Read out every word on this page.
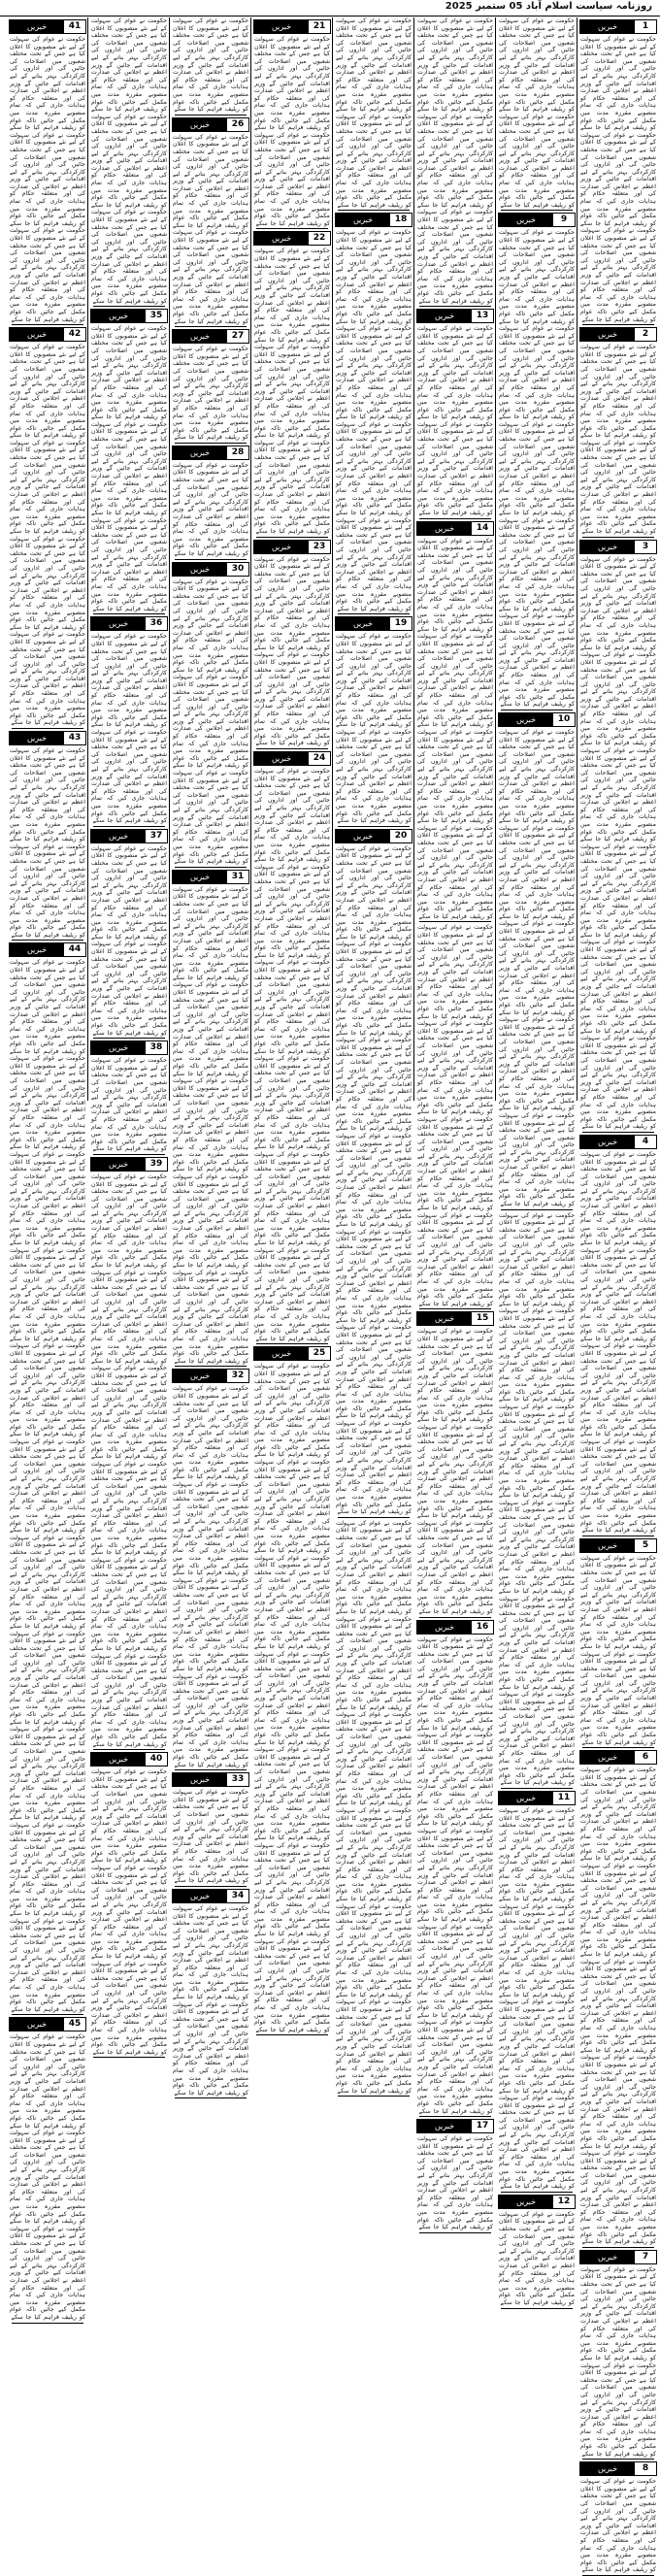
روزنامہ سیاست اسلام آباد 05 ستمبر 2025
1
خبریں
حکومت نے عوام کی سہولت کے لیے نئے منصوبوں کا اعلان کیا ہے جس کے تحت مختلف شعبوں میں اصلاحات کی جائیں گی اور اداروں کی کارکردگی بہتر بنانے کے لیے اقدامات کیے جائیں گے وزیر اعظم نے اجلاس کی صدارت کی اور متعلقہ حکام کو ہدایات جاری کیں کہ تمام منصوبے مقررہ مدت میں مکمل کیے جائیں تاکہ عوام کو ریلیف فراہم کیا جا سکے حکومت نے عوام کی سہولت کے لیے نئے منصوبوں کا اعلان کیا ہے جس کے تحت مختلف شعبوں میں اصلاحات کی جائیں گی اور اداروں کی کارکردگی بہتر بنانے کے لیے اقدامات کیے جائیں گے وزیر اعظم نے اجلاس کی صدارت کی اور متعلقہ حکام کو ہدایات جاری کیں کہ تمام منصوبے مقررہ مدت میں مکمل کیے جائیں تاکہ عوام کو ریلیف فراہم کیا جا سکے حکومت نے عوام کی سہولت کے لیے نئے منصوبوں کا اعلان کیا ہے جس کے تحت مختلف شعبوں میں اصلاحات کی جائیں گی اور اداروں کی کارکردگی بہتر بنانے کے لیے اقدامات کیے جائیں گے وزیر اعظم نے اجلاس کی صدارت کی اور متعلقہ حکام کو ہدایات جاری کیں کہ تمام منصوبے مقررہ مدت میں مکمل کیے جائیں تاکہ عوام کو ریلیف فراہم کیا جا سکے
2
خبریں
حکومت نے عوام کی سہولت کے لیے نئے منصوبوں کا اعلان کیا ہے جس کے تحت مختلف شعبوں میں اصلاحات کی جائیں گی اور اداروں کی کارکردگی بہتر بنانے کے لیے اقدامات کیے جائیں گے وزیر اعظم نے اجلاس کی صدارت کی اور متعلقہ حکام کو ہدایات جاری کیں کہ تمام منصوبے مقررہ مدت میں مکمل کیے جائیں تاکہ عوام کو ریلیف فراہم کیا جا سکے حکومت نے عوام کی سہولت کے لیے نئے منصوبوں کا اعلان کیا ہے جس کے تحت مختلف شعبوں میں اصلاحات کی جائیں گی اور اداروں کی کارکردگی بہتر بنانے کے لیے اقدامات کیے جائیں گے وزیر اعظم نے اجلاس کی صدارت کی اور متعلقہ حکام کو ہدایات جاری کیں کہ تمام منصوبے مقررہ مدت میں مکمل کیے جائیں تاکہ عوام کو ریلیف فراہم کیا جا سکے
3
خبریں
حکومت نے عوام کی سہولت کے لیے نئے منصوبوں کا اعلان کیا ہے جس کے تحت مختلف شعبوں میں اصلاحات کی جائیں گی اور اداروں کی کارکردگی بہتر بنانے کے لیے اقدامات کیے جائیں گے وزیر اعظم نے اجلاس کی صدارت کی اور متعلقہ حکام کو ہدایات جاری کیں کہ تمام منصوبے مقررہ مدت میں مکمل کیے جائیں تاکہ عوام کو ریلیف فراہم کیا جا سکے حکومت نے عوام کی سہولت کے لیے نئے منصوبوں کا اعلان کیا ہے جس کے تحت مختلف شعبوں میں اصلاحات کی جائیں گی اور اداروں کی کارکردگی بہتر بنانے کے لیے اقدامات کیے جائیں گے وزیر اعظم نے اجلاس کی صدارت کی اور متعلقہ حکام کو ہدایات جاری کیں کہ تمام منصوبے مقررہ مدت میں مکمل کیے جائیں تاکہ عوام کو ریلیف فراہم کیا جا سکے حکومت نے عوام کی سہولت کے لیے نئے منصوبوں کا اعلان کیا ہے جس کے تحت مختلف شعبوں میں اصلاحات کی جائیں گی اور اداروں کی کارکردگی بہتر بنانے کے لیے اقدامات کیے جائیں گے وزیر اعظم نے اجلاس کی صدارت کی اور متعلقہ حکام کو ہدایات جاری کیں کہ تمام منصوبے مقررہ مدت میں مکمل کیے جائیں تاکہ عوام کو ریلیف فراہم کیا جا سکے حکومت نے عوام کی سہولت کے لیے نئے منصوبوں کا اعلان کیا ہے جس کے تحت مختلف شعبوں میں اصلاحات کی جائیں گی اور اداروں کی کارکردگی بہتر بنانے کے لیے اقدامات کیے جائیں گے وزیر اعظم نے اجلاس کی صدارت کی اور متعلقہ حکام کو ہدایات جاری کیں کہ تمام منصوبے مقررہ مدت میں مکمل کیے جائیں تاکہ عوام کو ریلیف فراہم کیا جا سکے حکومت نے عوام کی سہولت کے لیے نئے منصوبوں کا اعلان کیا ہے جس کے تحت مختلف شعبوں میں اصلاحات کی جائیں گی اور اداروں کی کارکردگی بہتر بنانے کے لیے اقدامات کیے جائیں گے وزیر اعظم نے اجلاس کی صدارت کی اور متعلقہ حکام کو ہدایات جاری کیں کہ تمام منصوبے مقررہ مدت میں مکمل کیے جائیں تاکہ عوام کو ریلیف فراہم کیا جا سکے حکومت نے عوام کی سہولت کے لیے نئے منصوبوں کا اعلان کیا ہے جس کے تحت مختلف شعبوں میں اصلاحات کی جائیں گی اور اداروں کی کارکردگی بہتر بنانے کے لیے اقدامات کیے جائیں گے وزیر اعظم نے اجلاس کی صدارت کی اور متعلقہ حکام کو ہدایات جاری کیں کہ تمام منصوبے مقررہ مدت میں مکمل کیے جائیں تاکہ عوام کو ریلیف فراہم کیا جا سکے
4
خبریں
حکومت نے عوام کی سہولت کے لیے نئے منصوبوں کا اعلان کیا ہے جس کے تحت مختلف شعبوں میں اصلاحات کی جائیں گی اور اداروں کی کارکردگی بہتر بنانے کے لیے اقدامات کیے جائیں گے وزیر اعظم نے اجلاس کی صدارت کی اور متعلقہ حکام کو ہدایات جاری کیں کہ تمام منصوبے مقررہ مدت میں مکمل کیے جائیں تاکہ عوام کو ریلیف فراہم کیا جا سکے حکومت نے عوام کی سہولت کے لیے نئے منصوبوں کا اعلان کیا ہے جس کے تحت مختلف شعبوں میں اصلاحات کی جائیں گی اور اداروں کی کارکردگی بہتر بنانے کے لیے اقدامات کیے جائیں گے وزیر اعظم نے اجلاس کی صدارت کی اور متعلقہ حکام کو ہدایات جاری کیں کہ تمام منصوبے مقررہ مدت میں مکمل کیے جائیں تاکہ عوام کو ریلیف فراہم کیا جا سکے حکومت نے عوام کی سہولت کے لیے نئے منصوبوں کا اعلان کیا ہے جس کے تحت مختلف شعبوں میں اصلاحات کی جائیں گی اور اداروں کی کارکردگی بہتر بنانے کے لیے اقدامات کیے جائیں گے وزیر اعظم نے اجلاس کی صدارت کی اور متعلقہ حکام کو ہدایات جاری کیں کہ تمام منصوبے مقررہ مدت میں مکمل کیے جائیں تاکہ عوام کو ریلیف فراہم کیا جا سکے حکومت نے عوام کی سہولت کے لیے نئے منصوبوں کا اعلان کیا ہے جس کے تحت مختلف شعبوں میں اصلاحات کی جائیں گی اور اداروں کی کارکردگی بہتر بنانے کے لیے اقدامات کیے جائیں گے وزیر اعظم نے اجلاس کی صدارت کی اور متعلقہ حکام کو ہدایات جاری کیں کہ تمام منصوبے مقررہ مدت میں مکمل کیے جائیں تاکہ عوام کو ریلیف فراہم کیا جا سکے
5
خبریں
حکومت نے عوام کی سہولت کے لیے نئے منصوبوں کا اعلان کیا ہے جس کے تحت مختلف شعبوں میں اصلاحات کی جائیں گی اور اداروں کی کارکردگی بہتر بنانے کے لیے اقدامات کیے جائیں گے وزیر اعظم نے اجلاس کی صدارت کی اور متعلقہ حکام کو ہدایات جاری کیں کہ تمام منصوبے مقررہ مدت میں مکمل کیے جائیں تاکہ عوام کو ریلیف فراہم کیا جا سکے حکومت نے عوام کی سہولت کے لیے نئے منصوبوں کا اعلان کیا ہے جس کے تحت مختلف شعبوں میں اصلاحات کی جائیں گی اور اداروں کی کارکردگی بہتر بنانے کے لیے اقدامات کیے جائیں گے وزیر اعظم نے اجلاس کی صدارت کی اور متعلقہ حکام کو ہدایات جاری کیں کہ تمام منصوبے مقررہ مدت میں مکمل کیے جائیں تاکہ عوام کو ریلیف فراہم کیا جا سکے
6
خبریں
حکومت نے عوام کی سہولت کے لیے نئے منصوبوں کا اعلان کیا ہے جس کے تحت مختلف شعبوں میں اصلاحات کی جائیں گی اور اداروں کی کارکردگی بہتر بنانے کے لیے اقدامات کیے جائیں گے وزیر اعظم نے اجلاس کی صدارت کی اور متعلقہ حکام کو ہدایات جاری کیں کہ تمام منصوبے مقررہ مدت میں مکمل کیے جائیں تاکہ عوام کو ریلیف فراہم کیا جا سکے حکومت نے عوام کی سہولت کے لیے نئے منصوبوں کا اعلان کیا ہے جس کے تحت مختلف شعبوں میں اصلاحات کی جائیں گی اور اداروں کی کارکردگی بہتر بنانے کے لیے اقدامات کیے جائیں گے وزیر اعظم نے اجلاس کی صدارت کی اور متعلقہ حکام کو ہدایات جاری کیں کہ تمام منصوبے مقررہ مدت میں مکمل کیے جائیں تاکہ عوام کو ریلیف فراہم کیا جا سکے حکومت نے عوام کی سہولت کے لیے نئے منصوبوں کا اعلان کیا ہے جس کے تحت مختلف شعبوں میں اصلاحات کی جائیں گی اور اداروں کی کارکردگی بہتر بنانے کے لیے اقدامات کیے جائیں گے وزیر اعظم نے اجلاس کی صدارت کی اور متعلقہ حکام کو ہدایات جاری کیں کہ تمام منصوبے مقررہ مدت میں مکمل کیے جائیں تاکہ عوام کو ریلیف فراہم کیا جا سکے حکومت نے عوام کی سہولت کے لیے نئے منصوبوں کا اعلان کیا ہے جس کے تحت مختلف شعبوں میں اصلاحات کی جائیں گی اور اداروں کی کارکردگی بہتر بنانے کے لیے اقدامات کیے جائیں گے وزیر اعظم نے اجلاس کی صدارت کی اور متعلقہ حکام کو ہدایات جاری کیں کہ تمام منصوبے مقررہ مدت میں مکمل کیے جائیں تاکہ عوام کو ریلیف فراہم کیا جا سکے حکومت نے عوام کی سہولت کے لیے نئے منصوبوں کا اعلان کیا ہے جس کے تحت مختلف شعبوں میں اصلاحات کی جائیں گی اور اداروں کی کارکردگی بہتر بنانے کے لیے اقدامات کیے جائیں گے وزیر اعظم نے اجلاس کی صدارت کی اور متعلقہ حکام کو ہدایات جاری کیں کہ تمام منصوبے مقررہ مدت میں مکمل کیے جائیں تاکہ عوام کو ریلیف فراہم کیا جا سکے
7
خبریں
حکومت نے عوام کی سہولت کے لیے نئے منصوبوں کا اعلان کیا ہے جس کے تحت مختلف شعبوں میں اصلاحات کی جائیں گی اور اداروں کی کارکردگی بہتر بنانے کے لیے اقدامات کیے جائیں گے وزیر اعظم نے اجلاس کی صدارت کی اور متعلقہ حکام کو ہدایات جاری کیں کہ تمام منصوبے مقررہ مدت میں مکمل کیے جائیں تاکہ عوام کو ریلیف فراہم کیا جا سکے حکومت نے عوام کی سہولت کے لیے نئے منصوبوں کا اعلان کیا ہے جس کے تحت مختلف شعبوں میں اصلاحات کی جائیں گی اور اداروں کی کارکردگی بہتر بنانے کے لیے اقدامات کیے جائیں گے وزیر اعظم نے اجلاس کی صدارت کی اور متعلقہ حکام کو ہدایات جاری کیں کہ تمام منصوبے مقررہ مدت میں مکمل کیے جائیں تاکہ عوام کو ریلیف فراہم کیا جا سکے
8
خبریں
حکومت نے عوام کی سہولت کے لیے نئے منصوبوں کا اعلان کیا ہے جس کے تحت مختلف شعبوں میں اصلاحات کی جائیں گی اور اداروں کی کارکردگی بہتر بنانے کے لیے اقدامات کیے جائیں گے وزیر اعظم نے اجلاس کی صدارت کی اور متعلقہ حکام کو ہدایات جاری کیں کہ تمام منصوبے مقررہ مدت میں مکمل کیے جائیں تاکہ عوام کو ریلیف فراہم کیا جا سکے
حکومت نے عوام کی سہولت کے لیے نئے منصوبوں کا اعلان کیا ہے جس کے تحت مختلف شعبوں میں اصلاحات کی جائیں گی اور اداروں کی کارکردگی بہتر بنانے کے لیے اقدامات کیے جائیں گے وزیر اعظم نے اجلاس کی صدارت کی اور متعلقہ حکام کو ہدایات جاری کیں کہ تمام منصوبے مقررہ مدت میں مکمل کیے جائیں تاکہ عوام کو ریلیف فراہم کیا جا سکے حکومت نے عوام کی سہولت کے لیے نئے منصوبوں کا اعلان کیا ہے جس کے تحت مختلف شعبوں میں اصلاحات کی جائیں گی اور اداروں کی کارکردگی بہتر بنانے کے لیے اقدامات کیے جائیں گے وزیر اعظم نے اجلاس کی صدارت کی اور متعلقہ حکام کو ہدایات جاری کیں کہ تمام منصوبے مقررہ مدت میں مکمل کیے جائیں تاکہ عوام کو ریلیف فراہم کیا جا سکے
9
خبریں
حکومت نے عوام کی سہولت کے لیے نئے منصوبوں کا اعلان کیا ہے جس کے تحت مختلف شعبوں میں اصلاحات کی جائیں گی اور اداروں کی کارکردگی بہتر بنانے کے لیے اقدامات کیے جائیں گے وزیر اعظم نے اجلاس کی صدارت کی اور متعلقہ حکام کو ہدایات جاری کیں کہ تمام منصوبے مقررہ مدت میں مکمل کیے جائیں تاکہ عوام کو ریلیف فراہم کیا جا سکے حکومت نے عوام کی سہولت کے لیے نئے منصوبوں کا اعلان کیا ہے جس کے تحت مختلف شعبوں میں اصلاحات کی جائیں گی اور اداروں کی کارکردگی بہتر بنانے کے لیے اقدامات کیے جائیں گے وزیر اعظم نے اجلاس کی صدارت کی اور متعلقہ حکام کو ہدایات جاری کیں کہ تمام منصوبے مقررہ مدت میں مکمل کیے جائیں تاکہ عوام کو ریلیف فراہم کیا جا سکے حکومت نے عوام کی سہولت کے لیے نئے منصوبوں کا اعلان کیا ہے جس کے تحت مختلف شعبوں میں اصلاحات کی جائیں گی اور اداروں کی کارکردگی بہتر بنانے کے لیے اقدامات کیے جائیں گے وزیر اعظم نے اجلاس کی صدارت کی اور متعلقہ حکام کو ہدایات جاری کیں کہ تمام منصوبے مقررہ مدت میں مکمل کیے جائیں تاکہ عوام کو ریلیف فراہم کیا جا سکے حکومت نے عوام کی سہولت کے لیے نئے منصوبوں کا اعلان کیا ہے جس کے تحت مختلف شعبوں میں اصلاحات کی جائیں گی اور اداروں کی کارکردگی بہتر بنانے کے لیے اقدامات کیے جائیں گے وزیر اعظم نے اجلاس کی صدارت کی اور متعلقہ حکام کو ہدایات جاری کیں کہ تمام منصوبے مقررہ مدت میں مکمل کیے جائیں تاکہ عوام کو ریلیف فراہم کیا جا سکے حکومت نے عوام کی سہولت کے لیے نئے منصوبوں کا اعلان کیا ہے جس کے تحت مختلف شعبوں میں اصلاحات کی جائیں گی اور اداروں کی کارکردگی بہتر بنانے کے لیے اقدامات کیے جائیں گے وزیر اعظم نے اجلاس کی صدارت کی اور متعلقہ حکام کو ہدایات جاری کیں کہ تمام منصوبے مقررہ مدت میں مکمل کیے جائیں تاکہ عوام کو ریلیف فراہم کیا جا سکے
10
خبریں
حکومت نے عوام کی سہولت کے لیے نئے منصوبوں کا اعلان کیا ہے جس کے تحت مختلف شعبوں میں اصلاحات کی جائیں گی اور اداروں کی کارکردگی بہتر بنانے کے لیے اقدامات کیے جائیں گے وزیر اعظم نے اجلاس کی صدارت کی اور متعلقہ حکام کو ہدایات جاری کیں کہ تمام منصوبے مقررہ مدت میں مکمل کیے جائیں تاکہ عوام کو ریلیف فراہم کیا جا سکے حکومت نے عوام کی سہولت کے لیے نئے منصوبوں کا اعلان کیا ہے جس کے تحت مختلف شعبوں میں اصلاحات کی جائیں گی اور اداروں کی کارکردگی بہتر بنانے کے لیے اقدامات کیے جائیں گے وزیر اعظم نے اجلاس کی صدارت کی اور متعلقہ حکام کو ہدایات جاری کیں کہ تمام منصوبے مقررہ مدت میں مکمل کیے جائیں تاکہ عوام کو ریلیف فراہم کیا جا سکے حکومت نے عوام کی سہولت کے لیے نئے منصوبوں کا اعلان کیا ہے جس کے تحت مختلف شعبوں میں اصلاحات کی جائیں گی اور اداروں کی کارکردگی بہتر بنانے کے لیے اقدامات کیے جائیں گے وزیر اعظم نے اجلاس کی صدارت کی اور متعلقہ حکام کو ہدایات جاری کیں کہ تمام منصوبے مقررہ مدت میں مکمل کیے جائیں تاکہ عوام کو ریلیف فراہم کیا جا سکے حکومت نے عوام کی سہولت کے لیے نئے منصوبوں کا اعلان کیا ہے جس کے تحت مختلف شعبوں میں اصلاحات کی جائیں گی اور اداروں کی کارکردگی بہتر بنانے کے لیے اقدامات کیے جائیں گے وزیر اعظم نے اجلاس کی صدارت کی اور متعلقہ حکام کو ہدایات جاری کیں کہ تمام منصوبے مقررہ مدت میں مکمل کیے جائیں تاکہ عوام کو ریلیف فراہم کیا جا سکے حکومت نے عوام کی سہولت کے لیے نئے منصوبوں کا اعلان کیا ہے جس کے تحت مختلف شعبوں میں اصلاحات کی جائیں گی اور اداروں کی کارکردگی بہتر بنانے کے لیے اقدامات کیے جائیں گے وزیر اعظم نے اجلاس کی صدارت کی اور متعلقہ حکام کو ہدایات جاری کیں کہ تمام منصوبے مقررہ مدت میں مکمل کیے جائیں تاکہ عوام کو ریلیف فراہم کیا جا سکے
حکومت نے عوام کی سہولت کے لیے نئے منصوبوں کا اعلان کیا ہے جس کے تحت مختلف شعبوں میں اصلاحات کی جائیں گی اور اداروں کی کارکردگی بہتر بنانے کے لیے اقدامات کیے جائیں گے وزیر اعظم نے اجلاس کی صدارت کی اور متعلقہ حکام کو ہدایات جاری کیں کہ تمام منصوبے مقررہ مدت میں مکمل کیے جائیں تاکہ عوام کو ریلیف فراہم کیا جا سکے حکومت نے عوام کی سہولت کے لیے نئے منصوبوں کا اعلان کیا ہے جس کے تحت مختلف شعبوں میں اصلاحات کی جائیں گی اور اداروں کی کارکردگی بہتر بنانے کے لیے اقدامات کیے جائیں گے وزیر اعظم نے اجلاس کی صدارت کی اور متعلقہ حکام کو ہدایات جاری کیں کہ تمام منصوبے مقررہ مدت میں مکمل کیے جائیں تاکہ عوام کو ریلیف فراہم کیا جا سکے حکومت نے عوام کی سہولت کے لیے نئے منصوبوں کا اعلان کیا ہے جس کے تحت مختلف شعبوں میں اصلاحات کی جائیں گی اور اداروں کی کارکردگی بہتر بنانے کے لیے اقدامات کیے جائیں گے وزیر اعظم نے اجلاس کی صدارت کی اور متعلقہ حکام کو ہدایات جاری کیں کہ تمام منصوبے مقررہ مدت میں مکمل کیے جائیں تاکہ عوام کو ریلیف فراہم کیا جا سکے حکومت نے عوام کی سہولت کے لیے نئے منصوبوں کا اعلان کیا ہے جس کے تحت مختلف شعبوں میں اصلاحات کی جائیں گی اور اداروں کی کارکردگی بہتر بنانے کے لیے اقدامات کیے جائیں گے وزیر اعظم نے اجلاس کی صدارت کی اور متعلقہ حکام کو ہدایات جاری کیں کہ تمام منصوبے مقررہ مدت میں مکمل کیے جائیں تاکہ عوام کو ریلیف فراہم کیا جا سکے حکومت نے عوام کی سہولت کے لیے نئے منصوبوں کا اعلان کیا ہے جس کے تحت مختلف شعبوں میں اصلاحات کی جائیں گی اور اداروں کی کارکردگی بہتر بنانے کے لیے اقدامات کیے جائیں گے وزیر اعظم نے اجلاس کی صدارت کی اور متعلقہ حکام کو ہدایات جاری کیں کہ تمام منصوبے مقررہ مدت میں مکمل کیے جائیں تاکہ عوام کو ریلیف فراہم کیا جا سکے حکومت نے عوام کی سہولت کے لیے نئے منصوبوں کا اعلان کیا ہے جس کے تحت مختلف شعبوں میں اصلاحات کی جائیں گی اور اداروں کی کارکردگی بہتر بنانے کے لیے اقدامات کیے جائیں گے وزیر اعظم نے اجلاس کی صدارت کی اور متعلقہ حکام کو ہدایات جاری کیں کہ تمام منصوبے مقررہ مدت میں مکمل کیے جائیں تاکہ عوام کو ریلیف فراہم کیا جا سکے
11
خبریں
حکومت نے عوام کی سہولت کے لیے نئے منصوبوں کا اعلان کیا ہے جس کے تحت مختلف شعبوں میں اصلاحات کی جائیں گی اور اداروں کی کارکردگی بہتر بنانے کے لیے اقدامات کیے جائیں گے وزیر اعظم نے اجلاس کی صدارت کی اور متعلقہ حکام کو ہدایات جاری کیں کہ تمام منصوبے مقررہ مدت میں مکمل کیے جائیں تاکہ عوام کو ریلیف فراہم کیا جا سکے حکومت نے عوام کی سہولت کے لیے نئے منصوبوں کا اعلان کیا ہے جس کے تحت مختلف شعبوں میں اصلاحات کی جائیں گی اور اداروں کی کارکردگی بہتر بنانے کے لیے اقدامات کیے جائیں گے وزیر اعظم نے اجلاس کی صدارت کی اور متعلقہ حکام کو ہدایات جاری کیں کہ تمام منصوبے مقررہ مدت میں مکمل کیے جائیں تاکہ عوام کو ریلیف فراہم کیا جا سکے حکومت نے عوام کی سہولت کے لیے نئے منصوبوں کا اعلان کیا ہے جس کے تحت مختلف شعبوں میں اصلاحات کی جائیں گی اور اداروں کی کارکردگی بہتر بنانے کے لیے اقدامات کیے جائیں گے وزیر اعظم نے اجلاس کی صدارت کی اور متعلقہ حکام کو ہدایات جاری کیں کہ تمام منصوبے مقررہ مدت میں مکمل کیے جائیں تاکہ عوام کو ریلیف فراہم کیا جا سکے حکومت نے عوام کی سہولت کے لیے نئے منصوبوں کا اعلان کیا ہے جس کے تحت مختلف شعبوں میں اصلاحات کی جائیں گی اور اداروں کی کارکردگی بہتر بنانے کے لیے اقدامات کیے جائیں گے وزیر اعظم نے اجلاس کی صدارت کی اور متعلقہ حکام کو ہدایات جاری کیں کہ تمام منصوبے مقررہ مدت میں مکمل کیے جائیں تاکہ عوام کو ریلیف فراہم کیا جا سکے
12
خبریں
حکومت نے عوام کی سہولت کے لیے نئے منصوبوں کا اعلان کیا ہے جس کے تحت مختلف شعبوں میں اصلاحات کی جائیں گی اور اداروں کی کارکردگی بہتر بنانے کے لیے اقدامات کیے جائیں گے وزیر اعظم نے اجلاس کی صدارت کی اور متعلقہ حکام کو ہدایات جاری کیں کہ تمام منصوبے مقررہ مدت میں مکمل کیے جائیں تاکہ عوام کو ریلیف فراہم کیا جا سکے
حکومت نے عوام کی سہولت کے لیے نئے منصوبوں کا اعلان کیا ہے جس کے تحت مختلف شعبوں میں اصلاحات کی جائیں گی اور اداروں کی کارکردگی بہتر بنانے کے لیے اقدامات کیے جائیں گے وزیر اعظم نے اجلاس کی صدارت کی اور متعلقہ حکام کو ہدایات جاری کیں کہ تمام منصوبے مقررہ مدت میں مکمل کیے جائیں تاکہ عوام کو ریلیف فراہم کیا جا سکے حکومت نے عوام کی سہولت کے لیے نئے منصوبوں کا اعلان کیا ہے جس کے تحت مختلف شعبوں میں اصلاحات کی جائیں گی اور اداروں کی کارکردگی بہتر بنانے کے لیے اقدامات کیے جائیں گے وزیر اعظم نے اجلاس کی صدارت کی اور متعلقہ حکام کو ہدایات جاری کیں کہ تمام منصوبے مقررہ مدت میں مکمل کیے جائیں تاکہ عوام کو ریلیف فراہم کیا جا سکے حکومت نے عوام کی سہولت کے لیے نئے منصوبوں کا اعلان کیا ہے جس کے تحت مختلف شعبوں میں اصلاحات کی جائیں گی اور اداروں کی کارکردگی بہتر بنانے کے لیے اقدامات کیے جائیں گے وزیر اعظم نے اجلاس کی صدارت کی اور متعلقہ حکام کو ہدایات جاری کیں کہ تمام منصوبے مقررہ مدت میں مکمل کیے جائیں تاکہ عوام کو ریلیف فراہم کیا جا سکے
13
خبریں
حکومت نے عوام کی سہولت کے لیے نئے منصوبوں کا اعلان کیا ہے جس کے تحت مختلف شعبوں میں اصلاحات کی جائیں گی اور اداروں کی کارکردگی بہتر بنانے کے لیے اقدامات کیے جائیں گے وزیر اعظم نے اجلاس کی صدارت کی اور متعلقہ حکام کو ہدایات جاری کیں کہ تمام منصوبے مقررہ مدت میں مکمل کیے جائیں تاکہ عوام کو ریلیف فراہم کیا جا سکے حکومت نے عوام کی سہولت کے لیے نئے منصوبوں کا اعلان کیا ہے جس کے تحت مختلف شعبوں میں اصلاحات کی جائیں گی اور اداروں کی کارکردگی بہتر بنانے کے لیے اقدامات کیے جائیں گے وزیر اعظم نے اجلاس کی صدارت کی اور متعلقہ حکام کو ہدایات جاری کیں کہ تمام منصوبے مقررہ مدت میں مکمل کیے جائیں تاکہ عوام کو ریلیف فراہم کیا جا سکے
14
خبریں
حکومت نے عوام کی سہولت کے لیے نئے منصوبوں کا اعلان کیا ہے جس کے تحت مختلف شعبوں میں اصلاحات کی جائیں گی اور اداروں کی کارکردگی بہتر بنانے کے لیے اقدامات کیے جائیں گے وزیر اعظم نے اجلاس کی صدارت کی اور متعلقہ حکام کو ہدایات جاری کیں کہ تمام منصوبے مقررہ مدت میں مکمل کیے جائیں تاکہ عوام کو ریلیف فراہم کیا جا سکے حکومت نے عوام کی سہولت کے لیے نئے منصوبوں کا اعلان کیا ہے جس کے تحت مختلف شعبوں میں اصلاحات کی جائیں گی اور اداروں کی کارکردگی بہتر بنانے کے لیے اقدامات کیے جائیں گے وزیر اعظم نے اجلاس کی صدارت کی اور متعلقہ حکام کو ہدایات جاری کیں کہ تمام منصوبے مقررہ مدت میں مکمل کیے جائیں تاکہ عوام کو ریلیف فراہم کیا جا سکے حکومت نے عوام کی سہولت کے لیے نئے منصوبوں کا اعلان کیا ہے جس کے تحت مختلف شعبوں میں اصلاحات کی جائیں گی اور اداروں کی کارکردگی بہتر بنانے کے لیے اقدامات کیے جائیں گے وزیر اعظم نے اجلاس کی صدارت کی اور متعلقہ حکام کو ہدایات جاری کیں کہ تمام منصوبے مقررہ مدت میں مکمل کیے جائیں تاکہ عوام کو ریلیف فراہم کیا جا سکے حکومت نے عوام کی سہولت کے لیے نئے منصوبوں کا اعلان کیا ہے جس کے تحت مختلف شعبوں میں اصلاحات کی جائیں گی اور اداروں کی کارکردگی بہتر بنانے کے لیے اقدامات کیے جائیں گے وزیر اعظم نے اجلاس کی صدارت کی اور متعلقہ حکام کو ہدایات جاری کیں کہ تمام منصوبے مقررہ مدت میں مکمل کیے جائیں تاکہ عوام کو ریلیف فراہم کیا جا سکے
حکومت نے عوام کی سہولت کے لیے نئے منصوبوں کا اعلان کیا ہے جس کے تحت مختلف شعبوں میں اصلاحات کی جائیں گی اور اداروں کی کارکردگی بہتر بنانے کے لیے اقدامات کیے جائیں گے وزیر اعظم نے اجلاس کی صدارت کی اور متعلقہ حکام کو ہدایات جاری کیں کہ تمام منصوبے مقررہ مدت میں مکمل کیے جائیں تاکہ عوام کو ریلیف فراہم کیا جا سکے حکومت نے عوام کی سہولت کے لیے نئے منصوبوں کا اعلان کیا ہے جس کے تحت مختلف شعبوں میں اصلاحات کی جائیں گی اور اداروں کی کارکردگی بہتر بنانے کے لیے اقدامات کیے جائیں گے وزیر اعظم نے اجلاس کی صدارت کی اور متعلقہ حکام کو ہدایات جاری کیں کہ تمام منصوبے مقررہ مدت میں مکمل کیے جائیں تاکہ عوام کو ریلیف فراہم کیا جا سکے حکومت نے عوام کی سہولت کے لیے نئے منصوبوں کا اعلان کیا ہے جس کے تحت مختلف شعبوں میں اصلاحات کی جائیں گی اور اداروں کی کارکردگی بہتر بنانے کے لیے اقدامات کیے جائیں گے وزیر اعظم نے اجلاس کی صدارت کی اور متعلقہ حکام کو ہدایات جاری کیں کہ تمام منصوبے مقررہ مدت میں مکمل کیے جائیں تاکہ عوام کو ریلیف فراہم کیا جا سکے حکومت نے عوام کی سہولت کے لیے نئے منصوبوں کا اعلان کیا ہے جس کے تحت مختلف شعبوں میں اصلاحات کی جائیں گی اور اداروں کی کارکردگی بہتر بنانے کے لیے اقدامات کیے جائیں گے وزیر اعظم نے اجلاس کی صدارت کی اور متعلقہ حکام کو ہدایات جاری کیں کہ تمام منصوبے مقررہ مدت میں مکمل کیے جائیں تاکہ عوام کو ریلیف فراہم کیا جا سکے
15
خبریں
حکومت نے عوام کی سہولت کے لیے نئے منصوبوں کا اعلان کیا ہے جس کے تحت مختلف شعبوں میں اصلاحات کی جائیں گی اور اداروں کی کارکردگی بہتر بنانے کے لیے اقدامات کیے جائیں گے وزیر اعظم نے اجلاس کی صدارت کی اور متعلقہ حکام کو ہدایات جاری کیں کہ تمام منصوبے مقررہ مدت میں مکمل کیے جائیں تاکہ عوام کو ریلیف فراہم کیا جا سکے حکومت نے عوام کی سہولت کے لیے نئے منصوبوں کا اعلان کیا ہے جس کے تحت مختلف شعبوں میں اصلاحات کی جائیں گی اور اداروں کی کارکردگی بہتر بنانے کے لیے اقدامات کیے جائیں گے وزیر اعظم نے اجلاس کی صدارت کی اور متعلقہ حکام کو ہدایات جاری کیں کہ تمام منصوبے مقررہ مدت میں مکمل کیے جائیں تاکہ عوام کو ریلیف فراہم کیا جا سکے حکومت نے عوام کی سہولت کے لیے نئے منصوبوں کا اعلان کیا ہے جس کے تحت مختلف شعبوں میں اصلاحات کی جائیں گی اور اداروں کی کارکردگی بہتر بنانے کے لیے اقدامات کیے جائیں گے وزیر اعظم نے اجلاس کی صدارت کی اور متعلقہ حکام کو ہدایات جاری کیں کہ تمام منصوبے مقررہ مدت میں مکمل کیے جائیں تاکہ عوام کو ریلیف فراہم کیا جا سکے
16
خبریں
حکومت نے عوام کی سہولت کے لیے نئے منصوبوں کا اعلان کیا ہے جس کے تحت مختلف شعبوں میں اصلاحات کی جائیں گی اور اداروں کی کارکردگی بہتر بنانے کے لیے اقدامات کیے جائیں گے وزیر اعظم نے اجلاس کی صدارت کی اور متعلقہ حکام کو ہدایات جاری کیں کہ تمام منصوبے مقررہ مدت میں مکمل کیے جائیں تاکہ عوام کو ریلیف فراہم کیا جا سکے حکومت نے عوام کی سہولت کے لیے نئے منصوبوں کا اعلان کیا ہے جس کے تحت مختلف شعبوں میں اصلاحات کی جائیں گی اور اداروں کی کارکردگی بہتر بنانے کے لیے اقدامات کیے جائیں گے وزیر اعظم نے اجلاس کی صدارت کی اور متعلقہ حکام کو ہدایات جاری کیں کہ تمام منصوبے مقررہ مدت میں مکمل کیے جائیں تاکہ عوام کو ریلیف فراہم کیا جا سکے حکومت نے عوام کی سہولت کے لیے نئے منصوبوں کا اعلان کیا ہے جس کے تحت مختلف شعبوں میں اصلاحات کی جائیں گی اور اداروں کی کارکردگی بہتر بنانے کے لیے اقدامات کیے جائیں گے وزیر اعظم نے اجلاس کی صدارت کی اور متعلقہ حکام کو ہدایات جاری کیں کہ تمام منصوبے مقررہ مدت میں مکمل کیے جائیں تاکہ عوام کو ریلیف فراہم کیا جا سکے حکومت نے عوام کی سہولت کے لیے نئے منصوبوں کا اعلان کیا ہے جس کے تحت مختلف شعبوں میں اصلاحات کی جائیں گی اور اداروں کی کارکردگی بہتر بنانے کے لیے اقدامات کیے جائیں گے وزیر اعظم نے اجلاس کی صدارت کی اور متعلقہ حکام کو ہدایات جاری کیں کہ تمام منصوبے مقررہ مدت میں مکمل کیے جائیں تاکہ عوام کو ریلیف فراہم کیا جا سکے حکومت نے عوام کی سہولت کے لیے نئے منصوبوں کا اعلان کیا ہے جس کے تحت مختلف شعبوں میں اصلاحات کی جائیں گی اور اداروں کی کارکردگی بہتر بنانے کے لیے اقدامات کیے جائیں گے وزیر اعظم نے اجلاس کی صدارت کی اور متعلقہ حکام کو ہدایات جاری کیں کہ تمام منصوبے مقررہ مدت میں مکمل کیے جائیں تاکہ عوام کو ریلیف فراہم کیا جا سکے
17
خبریں
حکومت نے عوام کی سہولت کے لیے نئے منصوبوں کا اعلان کیا ہے جس کے تحت مختلف شعبوں میں اصلاحات کی جائیں گی اور اداروں کی کارکردگی بہتر بنانے کے لیے اقدامات کیے جائیں گے وزیر اعظم نے اجلاس کی صدارت کی اور متعلقہ حکام کو ہدایات جاری کیں کہ تمام منصوبے مقررہ مدت میں مکمل کیے جائیں تاکہ عوام کو ریلیف فراہم کیا جا سکے
حکومت نے عوام کی سہولت کے لیے نئے منصوبوں کا اعلان کیا ہے جس کے تحت مختلف شعبوں میں اصلاحات کی جائیں گی اور اداروں کی کارکردگی بہتر بنانے کے لیے اقدامات کیے جائیں گے وزیر اعظم نے اجلاس کی صدارت کی اور متعلقہ حکام کو ہدایات جاری کیں کہ تمام منصوبے مقررہ مدت میں مکمل کیے جائیں تاکہ عوام کو ریلیف فراہم کیا جا سکے حکومت نے عوام کی سہولت کے لیے نئے منصوبوں کا اعلان کیا ہے جس کے تحت مختلف شعبوں میں اصلاحات کی جائیں گی اور اداروں کی کارکردگی بہتر بنانے کے لیے اقدامات کیے جائیں گے وزیر اعظم نے اجلاس کی صدارت کی اور متعلقہ حکام کو ہدایات جاری کیں کہ تمام منصوبے مقررہ مدت میں مکمل کیے جائیں تاکہ عوام کو ریلیف فراہم کیا جا سکے
18
خبریں
حکومت نے عوام کی سہولت کے لیے نئے منصوبوں کا اعلان کیا ہے جس کے تحت مختلف شعبوں میں اصلاحات کی جائیں گی اور اداروں کی کارکردگی بہتر بنانے کے لیے اقدامات کیے جائیں گے وزیر اعظم نے اجلاس کی صدارت کی اور متعلقہ حکام کو ہدایات جاری کیں کہ تمام منصوبے مقررہ مدت میں مکمل کیے جائیں تاکہ عوام کو ریلیف فراہم کیا جا سکے حکومت نے عوام کی سہولت کے لیے نئے منصوبوں کا اعلان کیا ہے جس کے تحت مختلف شعبوں میں اصلاحات کی جائیں گی اور اداروں کی کارکردگی بہتر بنانے کے لیے اقدامات کیے جائیں گے وزیر اعظم نے اجلاس کی صدارت کی اور متعلقہ حکام کو ہدایات جاری کیں کہ تمام منصوبے مقررہ مدت میں مکمل کیے جائیں تاکہ عوام کو ریلیف فراہم کیا جا سکے حکومت نے عوام کی سہولت کے لیے نئے منصوبوں کا اعلان کیا ہے جس کے تحت مختلف شعبوں میں اصلاحات کی جائیں گی اور اداروں کی کارکردگی بہتر بنانے کے لیے اقدامات کیے جائیں گے وزیر اعظم نے اجلاس کی صدارت کی اور متعلقہ حکام کو ہدایات جاری کیں کہ تمام منصوبے مقررہ مدت میں مکمل کیے جائیں تاکہ عوام کو ریلیف فراہم کیا جا سکے حکومت نے عوام کی سہولت کے لیے نئے منصوبوں کا اعلان کیا ہے جس کے تحت مختلف شعبوں میں اصلاحات کی جائیں گی اور اداروں کی کارکردگی بہتر بنانے کے لیے اقدامات کیے جائیں گے وزیر اعظم نے اجلاس کی صدارت کی اور متعلقہ حکام کو ہدایات جاری کیں کہ تمام منصوبے مقررہ مدت میں مکمل کیے جائیں تاکہ عوام کو ریلیف فراہم کیا جا سکے
19
خبریں
حکومت نے عوام کی سہولت کے لیے نئے منصوبوں کا اعلان کیا ہے جس کے تحت مختلف شعبوں میں اصلاحات کی جائیں گی اور اداروں کی کارکردگی بہتر بنانے کے لیے اقدامات کیے جائیں گے وزیر اعظم نے اجلاس کی صدارت کی اور متعلقہ حکام کو ہدایات جاری کیں کہ تمام منصوبے مقررہ مدت میں مکمل کیے جائیں تاکہ عوام کو ریلیف فراہم کیا جا سکے حکومت نے عوام کی سہولت کے لیے نئے منصوبوں کا اعلان کیا ہے جس کے تحت مختلف شعبوں میں اصلاحات کی جائیں گی اور اداروں کی کارکردگی بہتر بنانے کے لیے اقدامات کیے جائیں گے وزیر اعظم نے اجلاس کی صدارت کی اور متعلقہ حکام کو ہدایات جاری کیں کہ تمام منصوبے مقررہ مدت میں مکمل کیے جائیں تاکہ عوام کو ریلیف فراہم کیا جا سکے
20
خبریں
حکومت نے عوام کی سہولت کے لیے نئے منصوبوں کا اعلان کیا ہے جس کے تحت مختلف شعبوں میں اصلاحات کی جائیں گی اور اداروں کی کارکردگی بہتر بنانے کے لیے اقدامات کیے جائیں گے وزیر اعظم نے اجلاس کی صدارت کی اور متعلقہ حکام کو ہدایات جاری کیں کہ تمام منصوبے مقررہ مدت میں مکمل کیے جائیں تاکہ عوام کو ریلیف فراہم کیا جا سکے حکومت نے عوام کی سہولت کے لیے نئے منصوبوں کا اعلان کیا ہے جس کے تحت مختلف شعبوں میں اصلاحات کی جائیں گی اور اداروں کی کارکردگی بہتر بنانے کے لیے اقدامات کیے جائیں گے وزیر اعظم نے اجلاس کی صدارت کی اور متعلقہ حکام کو ہدایات جاری کیں کہ تمام منصوبے مقررہ مدت میں مکمل کیے جائیں تاکہ عوام کو ریلیف فراہم کیا جا سکے حکومت نے عوام کی سہولت کے لیے نئے منصوبوں کا اعلان کیا ہے جس کے تحت مختلف شعبوں میں اصلاحات کی جائیں گی اور اداروں کی کارکردگی بہتر بنانے کے لیے اقدامات کیے جائیں گے وزیر اعظم نے اجلاس کی صدارت کی اور متعلقہ حکام کو ہدایات جاری کیں کہ تمام منصوبے مقررہ مدت میں مکمل کیے جائیں تاکہ عوام کو ریلیف فراہم کیا جا سکے حکومت نے عوام کی سہولت کے لیے نئے منصوبوں کا اعلان کیا ہے جس کے تحت مختلف شعبوں میں اصلاحات کی جائیں گی اور اداروں کی کارکردگی بہتر بنانے کے لیے اقدامات کیے جائیں گے وزیر اعظم نے اجلاس کی صدارت کی اور متعلقہ حکام کو ہدایات جاری کیں کہ تمام منصوبے مقررہ مدت میں مکمل کیے جائیں تاکہ عوام کو ریلیف فراہم کیا جا سکے حکومت نے عوام کی سہولت کے لیے نئے منصوبوں کا اعلان کیا ہے جس کے تحت مختلف شعبوں میں اصلاحات کی جائیں گی اور اداروں کی کارکردگی بہتر بنانے کے لیے اقدامات کیے جائیں گے وزیر اعظم نے اجلاس کی صدارت کی اور متعلقہ حکام کو ہدایات جاری کیں کہ تمام منصوبے مقررہ مدت میں مکمل کیے جائیں تاکہ عوام کو ریلیف فراہم کیا جا سکے حکومت نے عوام کی سہولت کے لیے نئے منصوبوں کا اعلان کیا ہے جس کے تحت مختلف شعبوں میں اصلاحات کی جائیں گی اور اداروں کی کارکردگی بہتر بنانے کے لیے اقدامات کیے جائیں گے وزیر اعظم نے اجلاس کی صدارت کی اور متعلقہ حکام کو ہدایات جاری کیں کہ تمام منصوبے مقررہ مدت میں مکمل کیے جائیں تاکہ عوام کو ریلیف فراہم کیا جا سکے حکومت نے عوام کی سہولت کے لیے نئے منصوبوں کا اعلان کیا ہے جس کے تحت مختلف شعبوں میں اصلاحات کی جائیں گی اور اداروں کی کارکردگی بہتر بنانے کے لیے اقدامات کیے جائیں گے وزیر اعظم نے اجلاس کی صدارت کی اور متعلقہ حکام کو ہدایات جاری کیں کہ تمام منصوبے مقررہ مدت میں مکمل کیے جائیں تاکہ عوام کو ریلیف فراہم کیا جا سکے
حکومت نے عوام کی سہولت کے لیے نئے منصوبوں کا اعلان کیا ہے جس کے تحت مختلف شعبوں میں اصلاحات کی جائیں گی اور اداروں کی کارکردگی بہتر بنانے کے لیے اقدامات کیے جائیں گے وزیر اعظم نے اجلاس کی صدارت کی اور متعلقہ حکام کو ہدایات جاری کیں کہ تمام منصوبے مقررہ مدت میں مکمل کیے جائیں تاکہ عوام کو ریلیف فراہم کیا جا سکے حکومت نے عوام کی سہولت کے لیے نئے منصوبوں کا اعلان کیا ہے جس کے تحت مختلف شعبوں میں اصلاحات کی جائیں گی اور اداروں کی کارکردگی بہتر بنانے کے لیے اقدامات کیے جائیں گے وزیر اعظم نے اجلاس کی صدارت کی اور متعلقہ حکام کو ہدایات جاری کیں کہ تمام منصوبے مقررہ مدت میں مکمل کیے جائیں تاکہ عوام کو ریلیف فراہم کیا جا سکے حکومت نے عوام کی سہولت کے لیے نئے منصوبوں کا اعلان کیا ہے جس کے تحت مختلف شعبوں میں اصلاحات کی جائیں گی اور اداروں کی کارکردگی بہتر بنانے کے لیے اقدامات کیے جائیں گے وزیر اعظم نے اجلاس کی صدارت کی اور متعلقہ حکام کو ہدایات جاری کیں کہ تمام منصوبے مقررہ مدت میں مکمل کیے جائیں تاکہ عوام کو ریلیف فراہم کیا جا سکے حکومت نے عوام کی سہولت کے لیے نئے منصوبوں کا اعلان کیا ہے جس کے تحت مختلف شعبوں میں اصلاحات کی جائیں گی اور اداروں کی کارکردگی بہتر بنانے کے لیے اقدامات کیے جائیں گے وزیر اعظم نے اجلاس کی صدارت کی اور متعلقہ حکام کو ہدایات جاری کیں کہ تمام منصوبے مقررہ مدت میں مکمل کیے جائیں تاکہ عوام کو ریلیف فراہم کیا جا سکے حکومت نے عوام کی سہولت کے لیے نئے منصوبوں کا اعلان کیا ہے جس کے تحت مختلف شعبوں میں اصلاحات کی جائیں گی اور اداروں کی کارکردگی بہتر بنانے کے لیے اقدامات کیے جائیں گے وزیر اعظم نے اجلاس کی صدارت کی اور متعلقہ حکام کو ہدایات جاری کیں کہ تمام منصوبے مقررہ مدت میں مکمل کیے جائیں تاکہ عوام کو ریلیف فراہم کیا جا سکے حکومت نے عوام کی سہولت کے لیے نئے منصوبوں کا اعلان کیا ہے جس کے تحت مختلف شعبوں میں اصلاحات کی جائیں گی اور اداروں کی کارکردگی بہتر بنانے کے لیے اقدامات کیے جائیں گے وزیر اعظم نے اجلاس کی صدارت کی اور متعلقہ حکام کو ہدایات جاری کیں کہ تمام منصوبے مقررہ مدت میں مکمل کیے جائیں تاکہ عوام کو ریلیف فراہم کیا جا سکے
21
خبریں
حکومت نے عوام کی سہولت کے لیے نئے منصوبوں کا اعلان کیا ہے جس کے تحت مختلف شعبوں میں اصلاحات کی جائیں گی اور اداروں کی کارکردگی بہتر بنانے کے لیے اقدامات کیے جائیں گے وزیر اعظم نے اجلاس کی صدارت کی اور متعلقہ حکام کو ہدایات جاری کیں کہ تمام منصوبے مقررہ مدت میں مکمل کیے جائیں تاکہ عوام کو ریلیف فراہم کیا جا سکے حکومت نے عوام کی سہولت کے لیے نئے منصوبوں کا اعلان کیا ہے جس کے تحت مختلف شعبوں میں اصلاحات کی جائیں گی اور اداروں کی کارکردگی بہتر بنانے کے لیے اقدامات کیے جائیں گے وزیر اعظم نے اجلاس کی صدارت کی اور متعلقہ حکام کو ہدایات جاری کیں کہ تمام منصوبے مقررہ مدت میں مکمل کیے جائیں تاکہ عوام کو ریلیف فراہم کیا جا سکے
22
خبریں
حکومت نے عوام کی سہولت کے لیے نئے منصوبوں کا اعلان کیا ہے جس کے تحت مختلف شعبوں میں اصلاحات کی جائیں گی اور اداروں کی کارکردگی بہتر بنانے کے لیے اقدامات کیے جائیں گے وزیر اعظم نے اجلاس کی صدارت کی اور متعلقہ حکام کو ہدایات جاری کیں کہ تمام منصوبے مقررہ مدت میں مکمل کیے جائیں تاکہ عوام کو ریلیف فراہم کیا جا سکے حکومت نے عوام کی سہولت کے لیے نئے منصوبوں کا اعلان کیا ہے جس کے تحت مختلف شعبوں میں اصلاحات کی جائیں گی اور اداروں کی کارکردگی بہتر بنانے کے لیے اقدامات کیے جائیں گے وزیر اعظم نے اجلاس کی صدارت کی اور متعلقہ حکام کو ہدایات جاری کیں کہ تمام منصوبے مقررہ مدت میں مکمل کیے جائیں تاکہ عوام کو ریلیف فراہم کیا جا سکے حکومت نے عوام کی سہولت کے لیے نئے منصوبوں کا اعلان کیا ہے جس کے تحت مختلف شعبوں میں اصلاحات کی جائیں گی اور اداروں کی کارکردگی بہتر بنانے کے لیے اقدامات کیے جائیں گے وزیر اعظم نے اجلاس کی صدارت کی اور متعلقہ حکام کو ہدایات جاری کیں کہ تمام منصوبے مقررہ مدت میں مکمل کیے جائیں تاکہ عوام کو ریلیف فراہم کیا جا سکے
23
خبریں
حکومت نے عوام کی سہولت کے لیے نئے منصوبوں کا اعلان کیا ہے جس کے تحت مختلف شعبوں میں اصلاحات کی جائیں گی اور اداروں کی کارکردگی بہتر بنانے کے لیے اقدامات کیے جائیں گے وزیر اعظم نے اجلاس کی صدارت کی اور متعلقہ حکام کو ہدایات جاری کیں کہ تمام منصوبے مقررہ مدت میں مکمل کیے جائیں تاکہ عوام کو ریلیف فراہم کیا جا سکے حکومت نے عوام کی سہولت کے لیے نئے منصوبوں کا اعلان کیا ہے جس کے تحت مختلف شعبوں میں اصلاحات کی جائیں گی اور اداروں کی کارکردگی بہتر بنانے کے لیے اقدامات کیے جائیں گے وزیر اعظم نے اجلاس کی صدارت کی اور متعلقہ حکام کو ہدایات جاری کیں کہ تمام منصوبے مقررہ مدت میں مکمل کیے جائیں تاکہ عوام کو ریلیف فراہم کیا جا سکے
24
خبریں
حکومت نے عوام کی سہولت کے لیے نئے منصوبوں کا اعلان کیا ہے جس کے تحت مختلف شعبوں میں اصلاحات کی جائیں گی اور اداروں کی کارکردگی بہتر بنانے کے لیے اقدامات کیے جائیں گے وزیر اعظم نے اجلاس کی صدارت کی اور متعلقہ حکام کو ہدایات جاری کیں کہ تمام منصوبے مقررہ مدت میں مکمل کیے جائیں تاکہ عوام کو ریلیف فراہم کیا جا سکے حکومت نے عوام کی سہولت کے لیے نئے منصوبوں کا اعلان کیا ہے جس کے تحت مختلف شعبوں میں اصلاحات کی جائیں گی اور اداروں کی کارکردگی بہتر بنانے کے لیے اقدامات کیے جائیں گے وزیر اعظم نے اجلاس کی صدارت کی اور متعلقہ حکام کو ہدایات جاری کیں کہ تمام منصوبے مقررہ مدت میں مکمل کیے جائیں تاکہ عوام کو ریلیف فراہم کیا جا سکے حکومت نے عوام کی سہولت کے لیے نئے منصوبوں کا اعلان کیا ہے جس کے تحت مختلف شعبوں میں اصلاحات کی جائیں گی اور اداروں کی کارکردگی بہتر بنانے کے لیے اقدامات کیے جائیں گے وزیر اعظم نے اجلاس کی صدارت کی اور متعلقہ حکام کو ہدایات جاری کیں کہ تمام منصوبے مقررہ مدت میں مکمل کیے جائیں تاکہ عوام کو ریلیف فراہم کیا جا سکے حکومت نے عوام کی سہولت کے لیے نئے منصوبوں کا اعلان کیا ہے جس کے تحت مختلف شعبوں میں اصلاحات کی جائیں گی اور اداروں کی کارکردگی بہتر بنانے کے لیے اقدامات کیے جائیں گے وزیر اعظم نے اجلاس کی صدارت کی اور متعلقہ حکام کو ہدایات جاری کیں کہ تمام منصوبے مقررہ مدت میں مکمل کیے جائیں تاکہ عوام کو ریلیف فراہم کیا جا سکے حکومت نے عوام کی سہولت کے لیے نئے منصوبوں کا اعلان کیا ہے جس کے تحت مختلف شعبوں میں اصلاحات کی جائیں گی اور اداروں کی کارکردگی بہتر بنانے کے لیے اقدامات کیے جائیں گے وزیر اعظم نے اجلاس کی صدارت کی اور متعلقہ حکام کو ہدایات جاری کیں کہ تمام منصوبے مقررہ مدت میں مکمل کیے جائیں تاکہ عوام کو ریلیف فراہم کیا جا سکے حکومت نے عوام کی سہولت کے لیے نئے منصوبوں کا اعلان کیا ہے جس کے تحت مختلف شعبوں میں اصلاحات کی جائیں گی اور اداروں کی کارکردگی بہتر بنانے کے لیے اقدامات کیے جائیں گے وزیر اعظم نے اجلاس کی صدارت کی اور متعلقہ حکام کو ہدایات جاری کیں کہ تمام منصوبے مقررہ مدت میں مکمل کیے جائیں تاکہ عوام کو ریلیف فراہم کیا جا سکے
25
خبریں
حکومت نے عوام کی سہولت کے لیے نئے منصوبوں کا اعلان کیا ہے جس کے تحت مختلف شعبوں میں اصلاحات کی جائیں گی اور اداروں کی کارکردگی بہتر بنانے کے لیے اقدامات کیے جائیں گے وزیر اعظم نے اجلاس کی صدارت کی اور متعلقہ حکام کو ہدایات جاری کیں کہ تمام منصوبے مقررہ مدت میں مکمل کیے جائیں تاکہ عوام کو ریلیف فراہم کیا جا سکے حکومت نے عوام کی سہولت کے لیے نئے منصوبوں کا اعلان کیا ہے جس کے تحت مختلف شعبوں میں اصلاحات کی جائیں گی اور اداروں کی کارکردگی بہتر بنانے کے لیے اقدامات کیے جائیں گے وزیر اعظم نے اجلاس کی صدارت کی اور متعلقہ حکام کو ہدایات جاری کیں کہ تمام منصوبے مقررہ مدت میں مکمل کیے جائیں تاکہ عوام کو ریلیف فراہم کیا جا سکے حکومت نے عوام کی سہولت کے لیے نئے منصوبوں کا اعلان کیا ہے جس کے تحت مختلف شعبوں میں اصلاحات کی جائیں گی اور اداروں کی کارکردگی بہتر بنانے کے لیے اقدامات کیے جائیں گے وزیر اعظم نے اجلاس کی صدارت کی اور متعلقہ حکام کو ہدایات جاری کیں کہ تمام منصوبے مقررہ مدت میں مکمل کیے جائیں تاکہ عوام کو ریلیف فراہم کیا جا سکے حکومت نے عوام کی سہولت کے لیے نئے منصوبوں کا اعلان کیا ہے جس کے تحت مختلف شعبوں میں اصلاحات کی جائیں گی اور اداروں کی کارکردگی بہتر بنانے کے لیے اقدامات کیے جائیں گے وزیر اعظم نے اجلاس کی صدارت کی اور متعلقہ حکام کو ہدایات جاری کیں کہ تمام منصوبے مقررہ مدت میں مکمل کیے جائیں تاکہ عوام کو ریلیف فراہم کیا جا سکے حکومت نے عوام کی سہولت کے لیے نئے منصوبوں کا اعلان کیا ہے جس کے تحت مختلف شعبوں میں اصلاحات کی جائیں گی اور اداروں کی کارکردگی بہتر بنانے کے لیے اقدامات کیے جائیں گے وزیر اعظم نے اجلاس کی صدارت کی اور متعلقہ حکام کو ہدایات جاری کیں کہ تمام منصوبے مقررہ مدت میں مکمل کیے جائیں تاکہ عوام کو ریلیف فراہم کیا جا سکے حکومت نے عوام کی سہولت کے لیے نئے منصوبوں کا اعلان کیا ہے جس کے تحت مختلف شعبوں میں اصلاحات کی جائیں گی اور اداروں کی کارکردگی بہتر بنانے کے لیے اقدامات کیے جائیں گے وزیر اعظم نے اجلاس کی صدارت کی اور متعلقہ حکام کو ہدایات جاری کیں کہ تمام منصوبے مقررہ مدت میں مکمل کیے جائیں تاکہ عوام کو ریلیف فراہم کیا جا سکے حکومت نے عوام کی سہولت کے لیے نئے منصوبوں کا اعلان کیا ہے جس کے تحت مختلف شعبوں میں اصلاحات کی جائیں گی اور اداروں کی کارکردگی بہتر بنانے کے لیے اقدامات کیے جائیں گے وزیر اعظم نے اجلاس کی صدارت کی اور متعلقہ حکام کو ہدایات جاری کیں کہ تمام منصوبے مقررہ مدت میں مکمل کیے جائیں تاکہ عوام کو ریلیف فراہم کیا جا سکے
حکومت نے عوام کی سہولت کے لیے نئے منصوبوں کا اعلان کیا ہے جس کے تحت مختلف شعبوں میں اصلاحات کی جائیں گی اور اداروں کی کارکردگی بہتر بنانے کے لیے اقدامات کیے جائیں گے وزیر اعظم نے اجلاس کی صدارت کی اور متعلقہ حکام کو ہدایات جاری کیں کہ تمام منصوبے مقررہ مدت میں مکمل کیے جائیں تاکہ عوام کو ریلیف فراہم کیا جا سکے
26
خبریں
حکومت نے عوام کی سہولت کے لیے نئے منصوبوں کا اعلان کیا ہے جس کے تحت مختلف شعبوں میں اصلاحات کی جائیں گی اور اداروں کی کارکردگی بہتر بنانے کے لیے اقدامات کیے جائیں گے وزیر اعظم نے اجلاس کی صدارت کی اور متعلقہ حکام کو ہدایات جاری کیں کہ تمام منصوبے مقررہ مدت میں مکمل کیے جائیں تاکہ عوام کو ریلیف فراہم کیا جا سکے حکومت نے عوام کی سہولت کے لیے نئے منصوبوں کا اعلان کیا ہے جس کے تحت مختلف شعبوں میں اصلاحات کی جائیں گی اور اداروں کی کارکردگی بہتر بنانے کے لیے اقدامات کیے جائیں گے وزیر اعظم نے اجلاس کی صدارت کی اور متعلقہ حکام کو ہدایات جاری کیں کہ تمام منصوبے مقررہ مدت میں مکمل کیے جائیں تاکہ عوام کو ریلیف فراہم کیا جا سکے
27
خبریں
حکومت نے عوام کی سہولت کے لیے نئے منصوبوں کا اعلان کیا ہے جس کے تحت مختلف شعبوں میں اصلاحات کی جائیں گی اور اداروں کی کارکردگی بہتر بنانے کے لیے اقدامات کیے جائیں گے وزیر اعظم نے اجلاس کی صدارت کی اور متعلقہ حکام کو ہدایات جاری کیں کہ تمام منصوبے مقررہ مدت میں مکمل کیے جائیں تاکہ عوام کو ریلیف فراہم کیا جا سکے
28
خبریں
حکومت نے عوام کی سہولت کے لیے نئے منصوبوں کا اعلان کیا ہے جس کے تحت مختلف شعبوں میں اصلاحات کی جائیں گی اور اداروں کی کارکردگی بہتر بنانے کے لیے اقدامات کیے جائیں گے وزیر اعظم نے اجلاس کی صدارت کی اور متعلقہ حکام کو ہدایات جاری کیں کہ تمام منصوبے مقررہ مدت میں مکمل کیے جائیں تاکہ عوام کو ریلیف فراہم کیا جا سکے
30
خبریں
حکومت نے عوام کی سہولت کے لیے نئے منصوبوں کا اعلان کیا ہے جس کے تحت مختلف شعبوں میں اصلاحات کی جائیں گی اور اداروں کی کارکردگی بہتر بنانے کے لیے اقدامات کیے جائیں گے وزیر اعظم نے اجلاس کی صدارت کی اور متعلقہ حکام کو ہدایات جاری کیں کہ تمام منصوبے مقررہ مدت میں مکمل کیے جائیں تاکہ عوام کو ریلیف فراہم کیا جا سکے حکومت نے عوام کی سہولت کے لیے نئے منصوبوں کا اعلان کیا ہے جس کے تحت مختلف شعبوں میں اصلاحات کی جائیں گی اور اداروں کی کارکردگی بہتر بنانے کے لیے اقدامات کیے جائیں گے وزیر اعظم نے اجلاس کی صدارت کی اور متعلقہ حکام کو ہدایات جاری کیں کہ تمام منصوبے مقررہ مدت میں مکمل کیے جائیں تاکہ عوام کو ریلیف فراہم کیا جا سکے حکومت نے عوام کی سہولت کے لیے نئے منصوبوں کا اعلان کیا ہے جس کے تحت مختلف شعبوں میں اصلاحات کی جائیں گی اور اداروں کی کارکردگی بہتر بنانے کے لیے اقدامات کیے جائیں گے وزیر اعظم نے اجلاس کی صدارت کی اور متعلقہ حکام کو ہدایات جاری کیں کہ تمام منصوبے مقررہ مدت میں مکمل کیے جائیں تاکہ عوام کو ریلیف فراہم کیا جا سکے
31
خبریں
حکومت نے عوام کی سہولت کے لیے نئے منصوبوں کا اعلان کیا ہے جس کے تحت مختلف شعبوں میں اصلاحات کی جائیں گی اور اداروں کی کارکردگی بہتر بنانے کے لیے اقدامات کیے جائیں گے وزیر اعظم نے اجلاس کی صدارت کی اور متعلقہ حکام کو ہدایات جاری کیں کہ تمام منصوبے مقررہ مدت میں مکمل کیے جائیں تاکہ عوام کو ریلیف فراہم کیا جا سکے حکومت نے عوام کی سہولت کے لیے نئے منصوبوں کا اعلان کیا ہے جس کے تحت مختلف شعبوں میں اصلاحات کی جائیں گی اور اداروں کی کارکردگی بہتر بنانے کے لیے اقدامات کیے جائیں گے وزیر اعظم نے اجلاس کی صدارت کی اور متعلقہ حکام کو ہدایات جاری کیں کہ تمام منصوبے مقررہ مدت میں مکمل کیے جائیں تاکہ عوام کو ریلیف فراہم کیا جا سکے حکومت نے عوام کی سہولت کے لیے نئے منصوبوں کا اعلان کیا ہے جس کے تحت مختلف شعبوں میں اصلاحات کی جائیں گی اور اداروں کی کارکردگی بہتر بنانے کے لیے اقدامات کیے جائیں گے وزیر اعظم نے اجلاس کی صدارت کی اور متعلقہ حکام کو ہدایات جاری کیں کہ تمام منصوبے مقررہ مدت میں مکمل کیے جائیں تاکہ عوام کو ریلیف فراہم کیا جا سکے حکومت نے عوام کی سہولت کے لیے نئے منصوبوں کا اعلان کیا ہے جس کے تحت مختلف شعبوں میں اصلاحات کی جائیں گی اور اداروں کی کارکردگی بہتر بنانے کے لیے اقدامات کیے جائیں گے وزیر اعظم نے اجلاس کی صدارت کی اور متعلقہ حکام کو ہدایات جاری کیں کہ تمام منصوبے مقررہ مدت میں مکمل کیے جائیں تاکہ عوام کو ریلیف فراہم کیا جا سکے حکومت نے عوام کی سہولت کے لیے نئے منصوبوں کا اعلان کیا ہے جس کے تحت مختلف شعبوں میں اصلاحات کی جائیں گی اور اداروں کی کارکردگی بہتر بنانے کے لیے اقدامات کیے جائیں گے وزیر اعظم نے اجلاس کی صدارت کی اور متعلقہ حکام کو ہدایات جاری کیں کہ تمام منصوبے مقررہ مدت میں مکمل کیے جائیں تاکہ عوام کو ریلیف فراہم کیا جا سکے
32
خبریں
حکومت نے عوام کی سہولت کے لیے نئے منصوبوں کا اعلان کیا ہے جس کے تحت مختلف شعبوں میں اصلاحات کی جائیں گی اور اداروں کی کارکردگی بہتر بنانے کے لیے اقدامات کیے جائیں گے وزیر اعظم نے اجلاس کی صدارت کی اور متعلقہ حکام کو ہدایات جاری کیں کہ تمام منصوبے مقررہ مدت میں مکمل کیے جائیں تاکہ عوام کو ریلیف فراہم کیا جا سکے حکومت نے عوام کی سہولت کے لیے نئے منصوبوں کا اعلان کیا ہے جس کے تحت مختلف شعبوں میں اصلاحات کی جائیں گی اور اداروں کی کارکردگی بہتر بنانے کے لیے اقدامات کیے جائیں گے وزیر اعظم نے اجلاس کی صدارت کی اور متعلقہ حکام کو ہدایات جاری کیں کہ تمام منصوبے مقررہ مدت میں مکمل کیے جائیں تاکہ عوام کو ریلیف فراہم کیا جا سکے حکومت نے عوام کی سہولت کے لیے نئے منصوبوں کا اعلان کیا ہے جس کے تحت مختلف شعبوں میں اصلاحات کی جائیں گی اور اداروں کی کارکردگی بہتر بنانے کے لیے اقدامات کیے جائیں گے وزیر اعظم نے اجلاس کی صدارت کی اور متعلقہ حکام کو ہدایات جاری کیں کہ تمام منصوبے مقررہ مدت میں مکمل کیے جائیں تاکہ عوام کو ریلیف فراہم کیا جا سکے حکومت نے عوام کی سہولت کے لیے نئے منصوبوں کا اعلان کیا ہے جس کے تحت مختلف شعبوں میں اصلاحات کی جائیں گی اور اداروں کی کارکردگی بہتر بنانے کے لیے اقدامات کیے جائیں گے وزیر اعظم نے اجلاس کی صدارت کی اور متعلقہ حکام کو ہدایات جاری کیں کہ تمام منصوبے مقررہ مدت میں مکمل کیے جائیں تاکہ عوام کو ریلیف فراہم کیا جا سکے
33
خبریں
حکومت نے عوام کی سہولت کے لیے نئے منصوبوں کا اعلان کیا ہے جس کے تحت مختلف شعبوں میں اصلاحات کی جائیں گی اور اداروں کی کارکردگی بہتر بنانے کے لیے اقدامات کیے جائیں گے وزیر اعظم نے اجلاس کی صدارت کی اور متعلقہ حکام کو ہدایات جاری کیں کہ تمام منصوبے مقررہ مدت میں مکمل کیے جائیں تاکہ عوام کو ریلیف فراہم کیا جا سکے
34
خبریں
حکومت نے عوام کی سہولت کے لیے نئے منصوبوں کا اعلان کیا ہے جس کے تحت مختلف شعبوں میں اصلاحات کی جائیں گی اور اداروں کی کارکردگی بہتر بنانے کے لیے اقدامات کیے جائیں گے وزیر اعظم نے اجلاس کی صدارت کی اور متعلقہ حکام کو ہدایات جاری کیں کہ تمام منصوبے مقررہ مدت میں مکمل کیے جائیں تاکہ عوام کو ریلیف فراہم کیا جا سکے حکومت نے عوام کی سہولت کے لیے نئے منصوبوں کا اعلان کیا ہے جس کے تحت مختلف شعبوں میں اصلاحات کی جائیں گی اور اداروں کی کارکردگی بہتر بنانے کے لیے اقدامات کیے جائیں گے وزیر اعظم نے اجلاس کی صدارت کی اور متعلقہ حکام کو ہدایات جاری کیں کہ تمام منصوبے مقررہ مدت میں مکمل کیے جائیں تاکہ عوام کو ریلیف فراہم کیا جا سکے
حکومت نے عوام کی سہولت کے لیے نئے منصوبوں کا اعلان کیا ہے جس کے تحت مختلف شعبوں میں اصلاحات کی جائیں گی اور اداروں کی کارکردگی بہتر بنانے کے لیے اقدامات کیے جائیں گے وزیر اعظم نے اجلاس کی صدارت کی اور متعلقہ حکام کو ہدایات جاری کیں کہ تمام منصوبے مقررہ مدت میں مکمل کیے جائیں تاکہ عوام کو ریلیف فراہم کیا جا سکے حکومت نے عوام کی سہولت کے لیے نئے منصوبوں کا اعلان کیا ہے جس کے تحت مختلف شعبوں میں اصلاحات کی جائیں گی اور اداروں کی کارکردگی بہتر بنانے کے لیے اقدامات کیے جائیں گے وزیر اعظم نے اجلاس کی صدارت کی اور متعلقہ حکام کو ہدایات جاری کیں کہ تمام منصوبے مقررہ مدت میں مکمل کیے جائیں تاکہ عوام کو ریلیف فراہم کیا جا سکے حکومت نے عوام کی سہولت کے لیے نئے منصوبوں کا اعلان کیا ہے جس کے تحت مختلف شعبوں میں اصلاحات کی جائیں گی اور اداروں کی کارکردگی بہتر بنانے کے لیے اقدامات کیے جائیں گے وزیر اعظم نے اجلاس کی صدارت کی اور متعلقہ حکام کو ہدایات جاری کیں کہ تمام منصوبے مقررہ مدت میں مکمل کیے جائیں تاکہ عوام کو ریلیف فراہم کیا جا سکے
35
خبریں
حکومت نے عوام کی سہولت کے لیے نئے منصوبوں کا اعلان کیا ہے جس کے تحت مختلف شعبوں میں اصلاحات کی جائیں گی اور اداروں کی کارکردگی بہتر بنانے کے لیے اقدامات کیے جائیں گے وزیر اعظم نے اجلاس کی صدارت کی اور متعلقہ حکام کو ہدایات جاری کیں کہ تمام منصوبے مقررہ مدت میں مکمل کیے جائیں تاکہ عوام کو ریلیف فراہم کیا جا سکے حکومت نے عوام کی سہولت کے لیے نئے منصوبوں کا اعلان کیا ہے جس کے تحت مختلف شعبوں میں اصلاحات کی جائیں گی اور اداروں کی کارکردگی بہتر بنانے کے لیے اقدامات کیے جائیں گے وزیر اعظم نے اجلاس کی صدارت کی اور متعلقہ حکام کو ہدایات جاری کیں کہ تمام منصوبے مقررہ مدت میں مکمل کیے جائیں تاکہ عوام کو ریلیف فراہم کیا جا سکے حکومت نے عوام کی سہولت کے لیے نئے منصوبوں کا اعلان کیا ہے جس کے تحت مختلف شعبوں میں اصلاحات کی جائیں گی اور اداروں کی کارکردگی بہتر بنانے کے لیے اقدامات کیے جائیں گے وزیر اعظم نے اجلاس کی صدارت کی اور متعلقہ حکام کو ہدایات جاری کیں کہ تمام منصوبے مقررہ مدت میں مکمل کیے جائیں تاکہ عوام کو ریلیف فراہم کیا جا سکے
36
خبریں
حکومت نے عوام کی سہولت کے لیے نئے منصوبوں کا اعلان کیا ہے جس کے تحت مختلف شعبوں میں اصلاحات کی جائیں گی اور اداروں کی کارکردگی بہتر بنانے کے لیے اقدامات کیے جائیں گے وزیر اعظم نے اجلاس کی صدارت کی اور متعلقہ حکام کو ہدایات جاری کیں کہ تمام منصوبے مقررہ مدت میں مکمل کیے جائیں تاکہ عوام کو ریلیف فراہم کیا جا سکے حکومت نے عوام کی سہولت کے لیے نئے منصوبوں کا اعلان کیا ہے جس کے تحت مختلف شعبوں میں اصلاحات کی جائیں گی اور اداروں کی کارکردگی بہتر بنانے کے لیے اقدامات کیے جائیں گے وزیر اعظم نے اجلاس کی صدارت کی اور متعلقہ حکام کو ہدایات جاری کیں کہ تمام منصوبے مقررہ مدت میں مکمل کیے جائیں تاکہ عوام کو ریلیف فراہم کیا جا سکے
37
خبریں
حکومت نے عوام کی سہولت کے لیے نئے منصوبوں کا اعلان کیا ہے جس کے تحت مختلف شعبوں میں اصلاحات کی جائیں گی اور اداروں کی کارکردگی بہتر بنانے کے لیے اقدامات کیے جائیں گے وزیر اعظم نے اجلاس کی صدارت کی اور متعلقہ حکام کو ہدایات جاری کیں کہ تمام منصوبے مقررہ مدت میں مکمل کیے جائیں تاکہ عوام کو ریلیف فراہم کیا جا سکے حکومت نے عوام کی سہولت کے لیے نئے منصوبوں کا اعلان کیا ہے جس کے تحت مختلف شعبوں میں اصلاحات کی جائیں گی اور اداروں کی کارکردگی بہتر بنانے کے لیے اقدامات کیے جائیں گے وزیر اعظم نے اجلاس کی صدارت کی اور متعلقہ حکام کو ہدایات جاری کیں کہ تمام منصوبے مقررہ مدت میں مکمل کیے جائیں تاکہ عوام کو ریلیف فراہم کیا جا سکے
38
خبریں
حکومت نے عوام کی سہولت کے لیے نئے منصوبوں کا اعلان کیا ہے جس کے تحت مختلف شعبوں میں اصلاحات کی جائیں گی اور اداروں کی کارکردگی بہتر بنانے کے لیے اقدامات کیے جائیں گے وزیر اعظم نے اجلاس کی صدارت کی اور متعلقہ حکام کو ہدایات جاری کیں کہ تمام منصوبے مقررہ مدت میں مکمل کیے جائیں تاکہ عوام کو ریلیف فراہم کیا جا سکے
39
خبریں
حکومت نے عوام کی سہولت کے لیے نئے منصوبوں کا اعلان کیا ہے جس کے تحت مختلف شعبوں میں اصلاحات کی جائیں گی اور اداروں کی کارکردگی بہتر بنانے کے لیے اقدامات کیے جائیں گے وزیر اعظم نے اجلاس کی صدارت کی اور متعلقہ حکام کو ہدایات جاری کیں کہ تمام منصوبے مقررہ مدت میں مکمل کیے جائیں تاکہ عوام کو ریلیف فراہم کیا جا سکے حکومت نے عوام کی سہولت کے لیے نئے منصوبوں کا اعلان کیا ہے جس کے تحت مختلف شعبوں میں اصلاحات کی جائیں گی اور اداروں کی کارکردگی بہتر بنانے کے لیے اقدامات کیے جائیں گے وزیر اعظم نے اجلاس کی صدارت کی اور متعلقہ حکام کو ہدایات جاری کیں کہ تمام منصوبے مقررہ مدت میں مکمل کیے جائیں تاکہ عوام کو ریلیف فراہم کیا جا سکے حکومت نے عوام کی سہولت کے لیے نئے منصوبوں کا اعلان کیا ہے جس کے تحت مختلف شعبوں میں اصلاحات کی جائیں گی اور اداروں کی کارکردگی بہتر بنانے کے لیے اقدامات کیے جائیں گے وزیر اعظم نے اجلاس کی صدارت کی اور متعلقہ حکام کو ہدایات جاری کیں کہ تمام منصوبے مقررہ مدت میں مکمل کیے جائیں تاکہ عوام کو ریلیف فراہم کیا جا سکے حکومت نے عوام کی سہولت کے لیے نئے منصوبوں کا اعلان کیا ہے جس کے تحت مختلف شعبوں میں اصلاحات کی جائیں گی اور اداروں کی کارکردگی بہتر بنانے کے لیے اقدامات کیے جائیں گے وزیر اعظم نے اجلاس کی صدارت کی اور متعلقہ حکام کو ہدایات جاری کیں کہ تمام منصوبے مقررہ مدت میں مکمل کیے جائیں تاکہ عوام کو ریلیف فراہم کیا جا سکے حکومت نے عوام کی سہولت کے لیے نئے منصوبوں کا اعلان کیا ہے جس کے تحت مختلف شعبوں میں اصلاحات کی جائیں گی اور اداروں کی کارکردگی بہتر بنانے کے لیے اقدامات کیے جائیں گے وزیر اعظم نے اجلاس کی صدارت کی اور متعلقہ حکام کو ہدایات جاری کیں کہ تمام منصوبے مقررہ مدت میں مکمل کیے جائیں تاکہ عوام کو ریلیف فراہم کیا جا سکے حکومت نے عوام کی سہولت کے لیے نئے منصوبوں کا اعلان کیا ہے جس کے تحت مختلف شعبوں میں اصلاحات کی جائیں گی اور اداروں کی کارکردگی بہتر بنانے کے لیے اقدامات کیے جائیں گے وزیر اعظم نے اجلاس کی صدارت کی اور متعلقہ حکام کو ہدایات جاری کیں کہ تمام منصوبے مقررہ مدت میں مکمل کیے جائیں تاکہ عوام کو ریلیف فراہم کیا جا سکے
40
خبریں
حکومت نے عوام کی سہولت کے لیے نئے منصوبوں کا اعلان کیا ہے جس کے تحت مختلف شعبوں میں اصلاحات کی جائیں گی اور اداروں کی کارکردگی بہتر بنانے کے لیے اقدامات کیے جائیں گے وزیر اعظم نے اجلاس کی صدارت کی اور متعلقہ حکام کو ہدایات جاری کیں کہ تمام منصوبے مقررہ مدت میں مکمل کیے جائیں تاکہ عوام کو ریلیف فراہم کیا جا سکے حکومت نے عوام کی سہولت کے لیے نئے منصوبوں کا اعلان کیا ہے جس کے تحت مختلف شعبوں میں اصلاحات کی جائیں گی اور اداروں کی کارکردگی بہتر بنانے کے لیے اقدامات کیے جائیں گے وزیر اعظم نے اجلاس کی صدارت کی اور متعلقہ حکام کو ہدایات جاری کیں کہ تمام منصوبے مقررہ مدت میں مکمل کیے جائیں تاکہ عوام کو ریلیف فراہم کیا جا سکے حکومت نے عوام کی سہولت کے لیے نئے منصوبوں کا اعلان کیا ہے جس کے تحت مختلف شعبوں میں اصلاحات کی جائیں گی اور اداروں کی کارکردگی بہتر بنانے کے لیے اقدامات کیے جائیں گے وزیر اعظم نے اجلاس کی صدارت کی اور متعلقہ حکام کو ہدایات جاری کیں کہ تمام منصوبے مقررہ مدت میں مکمل کیے جائیں تاکہ عوام کو ریلیف فراہم کیا جا سکے
41
خبریں
حکومت نے عوام کی سہولت کے لیے نئے منصوبوں کا اعلان کیا ہے جس کے تحت مختلف شعبوں میں اصلاحات کی جائیں گی اور اداروں کی کارکردگی بہتر بنانے کے لیے اقدامات کیے جائیں گے وزیر اعظم نے اجلاس کی صدارت کی اور متعلقہ حکام کو ہدایات جاری کیں کہ تمام منصوبے مقررہ مدت میں مکمل کیے جائیں تاکہ عوام کو ریلیف فراہم کیا جا سکے حکومت نے عوام کی سہولت کے لیے نئے منصوبوں کا اعلان کیا ہے جس کے تحت مختلف شعبوں میں اصلاحات کی جائیں گی اور اداروں کی کارکردگی بہتر بنانے کے لیے اقدامات کیے جائیں گے وزیر اعظم نے اجلاس کی صدارت کی اور متعلقہ حکام کو ہدایات جاری کیں کہ تمام منصوبے مقررہ مدت میں مکمل کیے جائیں تاکہ عوام کو ریلیف فراہم کیا جا سکے حکومت نے عوام کی سہولت کے لیے نئے منصوبوں کا اعلان کیا ہے جس کے تحت مختلف شعبوں میں اصلاحات کی جائیں گی اور اداروں کی کارکردگی بہتر بنانے کے لیے اقدامات کیے جائیں گے وزیر اعظم نے اجلاس کی صدارت کی اور متعلقہ حکام کو ہدایات جاری کیں کہ تمام منصوبے مقررہ مدت میں مکمل کیے جائیں تاکہ عوام کو ریلیف فراہم کیا جا سکے
42
خبریں
حکومت نے عوام کی سہولت کے لیے نئے منصوبوں کا اعلان کیا ہے جس کے تحت مختلف شعبوں میں اصلاحات کی جائیں گی اور اداروں کی کارکردگی بہتر بنانے کے لیے اقدامات کیے جائیں گے وزیر اعظم نے اجلاس کی صدارت کی اور متعلقہ حکام کو ہدایات جاری کیں کہ تمام منصوبے مقررہ مدت میں مکمل کیے جائیں تاکہ عوام کو ریلیف فراہم کیا جا سکے حکومت نے عوام کی سہولت کے لیے نئے منصوبوں کا اعلان کیا ہے جس کے تحت مختلف شعبوں میں اصلاحات کی جائیں گی اور اداروں کی کارکردگی بہتر بنانے کے لیے اقدامات کیے جائیں گے وزیر اعظم نے اجلاس کی صدارت کی اور متعلقہ حکام کو ہدایات جاری کیں کہ تمام منصوبے مقررہ مدت میں مکمل کیے جائیں تاکہ عوام کو ریلیف فراہم کیا جا سکے حکومت نے عوام کی سہولت کے لیے نئے منصوبوں کا اعلان کیا ہے جس کے تحت مختلف شعبوں میں اصلاحات کی جائیں گی اور اداروں کی کارکردگی بہتر بنانے کے لیے اقدامات کیے جائیں گے وزیر اعظم نے اجلاس کی صدارت کی اور متعلقہ حکام کو ہدایات جاری کیں کہ تمام منصوبے مقررہ مدت میں مکمل کیے جائیں تاکہ عوام کو ریلیف فراہم کیا جا سکے حکومت نے عوام کی سہولت کے لیے نئے منصوبوں کا اعلان کیا ہے جس کے تحت مختلف شعبوں میں اصلاحات کی جائیں گی اور اداروں کی کارکردگی بہتر بنانے کے لیے اقدامات کیے جائیں گے وزیر اعظم نے اجلاس کی صدارت کی اور متعلقہ حکام کو ہدایات جاری کیں کہ تمام منصوبے مقررہ مدت میں مکمل کیے جائیں تاکہ عوام کو ریلیف فراہم کیا جا سکے
43
خبریں
حکومت نے عوام کی سہولت کے لیے نئے منصوبوں کا اعلان کیا ہے جس کے تحت مختلف شعبوں میں اصلاحات کی جائیں گی اور اداروں کی کارکردگی بہتر بنانے کے لیے اقدامات کیے جائیں گے وزیر اعظم نے اجلاس کی صدارت کی اور متعلقہ حکام کو ہدایات جاری کیں کہ تمام منصوبے مقررہ مدت میں مکمل کیے جائیں تاکہ عوام کو ریلیف فراہم کیا جا سکے حکومت نے عوام کی سہولت کے لیے نئے منصوبوں کا اعلان کیا ہے جس کے تحت مختلف شعبوں میں اصلاحات کی جائیں گی اور اداروں کی کارکردگی بہتر بنانے کے لیے اقدامات کیے جائیں گے وزیر اعظم نے اجلاس کی صدارت کی اور متعلقہ حکام کو ہدایات جاری کیں کہ تمام منصوبے مقررہ مدت میں مکمل کیے جائیں تاکہ عوام کو ریلیف فراہم کیا جا سکے
44
خبریں
حکومت نے عوام کی سہولت کے لیے نئے منصوبوں کا اعلان کیا ہے جس کے تحت مختلف شعبوں میں اصلاحات کی جائیں گی اور اداروں کی کارکردگی بہتر بنانے کے لیے اقدامات کیے جائیں گے وزیر اعظم نے اجلاس کی صدارت کی اور متعلقہ حکام کو ہدایات جاری کیں کہ تمام منصوبے مقررہ مدت میں مکمل کیے جائیں تاکہ عوام کو ریلیف فراہم کیا جا سکے حکومت نے عوام کی سہولت کے لیے نئے منصوبوں کا اعلان کیا ہے جس کے تحت مختلف شعبوں میں اصلاحات کی جائیں گی اور اداروں کی کارکردگی بہتر بنانے کے لیے اقدامات کیے جائیں گے وزیر اعظم نے اجلاس کی صدارت کی اور متعلقہ حکام کو ہدایات جاری کیں کہ تمام منصوبے مقررہ مدت میں مکمل کیے جائیں تاکہ عوام کو ریلیف فراہم کیا جا سکے حکومت نے عوام کی سہولت کے لیے نئے منصوبوں کا اعلان کیا ہے جس کے تحت مختلف شعبوں میں اصلاحات کی جائیں گی اور اداروں کی کارکردگی بہتر بنانے کے لیے اقدامات کیے جائیں گے وزیر اعظم نے اجلاس کی صدارت کی اور متعلقہ حکام کو ہدایات جاری کیں کہ تمام منصوبے مقررہ مدت میں مکمل کیے جائیں تاکہ عوام کو ریلیف فراہم کیا جا سکے حکومت نے عوام کی سہولت کے لیے نئے منصوبوں کا اعلان کیا ہے جس کے تحت مختلف شعبوں میں اصلاحات کی جائیں گی اور اداروں کی کارکردگی بہتر بنانے کے لیے اقدامات کیے جائیں گے وزیر اعظم نے اجلاس کی صدارت کی اور متعلقہ حکام کو ہدایات جاری کیں کہ تمام منصوبے مقررہ مدت میں مکمل کیے جائیں تاکہ عوام کو ریلیف فراہم کیا جا سکے حکومت نے عوام کی سہولت کے لیے نئے منصوبوں کا اعلان کیا ہے جس کے تحت مختلف شعبوں میں اصلاحات کی جائیں گی اور اداروں کی کارکردگی بہتر بنانے کے لیے اقدامات کیے جائیں گے وزیر اعظم نے اجلاس کی صدارت کی اور متعلقہ حکام کو ہدایات جاری کیں کہ تمام منصوبے مقررہ مدت میں مکمل کیے جائیں تاکہ عوام کو ریلیف فراہم کیا جا سکے حکومت نے عوام کی سہولت کے لیے نئے منصوبوں کا اعلان کیا ہے جس کے تحت مختلف شعبوں میں اصلاحات کی جائیں گی اور اداروں کی کارکردگی بہتر بنانے کے لیے اقدامات کیے جائیں گے وزیر اعظم نے اجلاس کی صدارت کی اور متعلقہ حکام کو ہدایات جاری کیں کہ تمام منصوبے مقررہ مدت میں مکمل کیے جائیں تاکہ عوام کو ریلیف فراہم کیا جا سکے حکومت نے عوام کی سہولت کے لیے نئے منصوبوں کا اعلان کیا ہے جس کے تحت مختلف شعبوں میں اصلاحات کی جائیں گی اور اداروں کی کارکردگی بہتر بنانے کے لیے اقدامات کیے جائیں گے وزیر اعظم نے اجلاس کی صدارت کی اور متعلقہ حکام کو ہدایات جاری کیں کہ تمام منصوبے مقررہ مدت میں مکمل کیے جائیں تاکہ عوام کو ریلیف فراہم کیا جا سکے حکومت نے عوام کی سہولت کے لیے نئے منصوبوں کا اعلان کیا ہے جس کے تحت مختلف شعبوں میں اصلاحات کی جائیں گی اور اداروں کی کارکردگی بہتر بنانے کے لیے اقدامات کیے جائیں گے وزیر اعظم نے اجلاس کی صدارت کی اور متعلقہ حکام کو ہدایات جاری کیں کہ تمام منصوبے مقررہ مدت میں مکمل کیے جائیں تاکہ عوام کو ریلیف فراہم کیا جا سکے حکومت نے عوام کی سہولت کے لیے نئے منصوبوں کا اعلان کیا ہے جس کے تحت مختلف شعبوں میں اصلاحات کی جائیں گی اور اداروں کی کارکردگی بہتر بنانے کے لیے اقدامات کیے جائیں گے وزیر اعظم نے اجلاس کی صدارت کی اور متعلقہ حکام کو ہدایات جاری کیں کہ تمام منصوبے مقررہ مدت میں مکمل کیے جائیں تاکہ عوام کو ریلیف فراہم کیا جا سکے حکومت نے عوام کی سہولت کے لیے نئے منصوبوں کا اعلان کیا ہے جس کے تحت مختلف شعبوں میں اصلاحات کی جائیں گی اور اداروں کی کارکردگی بہتر بنانے کے لیے اقدامات کیے جائیں گے وزیر اعظم نے اجلاس کی صدارت کی اور متعلقہ حکام کو ہدایات جاری کیں کہ تمام منصوبے مقررہ مدت میں مکمل کیے جائیں تاکہ عوام کو ریلیف فراہم کیا جا سکے حکومت نے عوام کی سہولت کے لیے نئے منصوبوں کا اعلان کیا ہے جس کے تحت مختلف شعبوں میں اصلاحات کی جائیں گی اور اداروں کی کارکردگی بہتر بنانے کے لیے اقدامات کیے جائیں گے وزیر اعظم نے اجلاس کی صدارت کی اور متعلقہ حکام کو ہدایات جاری کیں کہ تمام منصوبے مقررہ مدت میں مکمل کیے جائیں تاکہ عوام کو ریلیف فراہم کیا جا سکے
45
خبریں
حکومت نے عوام کی سہولت کے لیے نئے منصوبوں کا اعلان کیا ہے جس کے تحت مختلف شعبوں میں اصلاحات کی جائیں گی اور اداروں کی کارکردگی بہتر بنانے کے لیے اقدامات کیے جائیں گے وزیر اعظم نے اجلاس کی صدارت کی اور متعلقہ حکام کو ہدایات جاری کیں کہ تمام منصوبے مقررہ مدت میں مکمل کیے جائیں تاکہ عوام کو ریلیف فراہم کیا جا سکے حکومت نے عوام کی سہولت کے لیے نئے منصوبوں کا اعلان کیا ہے جس کے تحت مختلف شعبوں میں اصلاحات کی جائیں گی اور اداروں کی کارکردگی بہتر بنانے کے لیے اقدامات کیے جائیں گے وزیر اعظم نے اجلاس کی صدارت کی اور متعلقہ حکام کو ہدایات جاری کیں کہ تمام منصوبے مقررہ مدت میں مکمل کیے جائیں تاکہ عوام کو ریلیف فراہم کیا جا سکے حکومت نے عوام کی سہولت کے لیے نئے منصوبوں کا اعلان کیا ہے جس کے تحت مختلف شعبوں میں اصلاحات کی جائیں گی اور اداروں کی کارکردگی بہتر بنانے کے لیے اقدامات کیے جائیں گے وزیر اعظم نے اجلاس کی صدارت کی اور متعلقہ حکام کو ہدایات جاری کیں کہ تمام منصوبے مقررہ مدت میں مکمل کیے جائیں تاکہ عوام کو ریلیف فراہم کیا جا سکے
